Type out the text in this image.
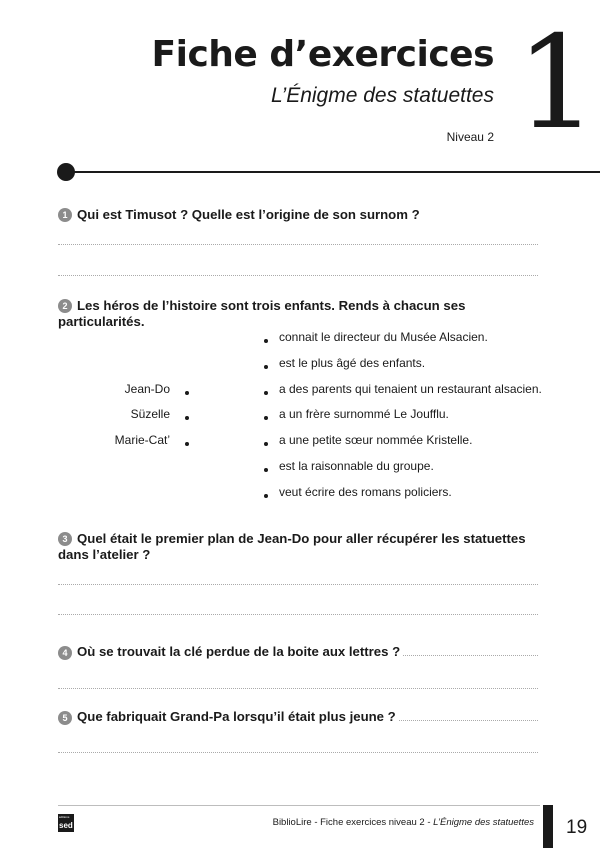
Fiche d’exercices
L’Énigme des statuettes
Niveau 2 1
1 Qui est Timusot ? Quelle est l’origine de son surnom ?
2 Les héros de l’histoire sont trois enfants. Rends à chacun ses particularités.
connait le directeur du Musée Alsacien.
est le plus âgé des enfants.
a des parents qui tenaient un restaurant alsacien.
a un frère surnommé Le Joufflu.
a une petite sœur nommée Kristelle.
est la raisonnable du groupe.
veut écrire des romans policiers.
Jean-Do
Süzelle
Marie-Cat’
3 Quel était le premier plan de Jean-Do pour aller récupérer les statuettes dans l’atelier ?
4 Où se trouvait la clé perdue de la boite aux lettres ?
5 Que fabriquait Grand-Pa lorsqu’il était plus jeune ?
éditions
sed	BiblioLire - Fiche exercices niveau 2 - L’Énigme des statuettes 19
